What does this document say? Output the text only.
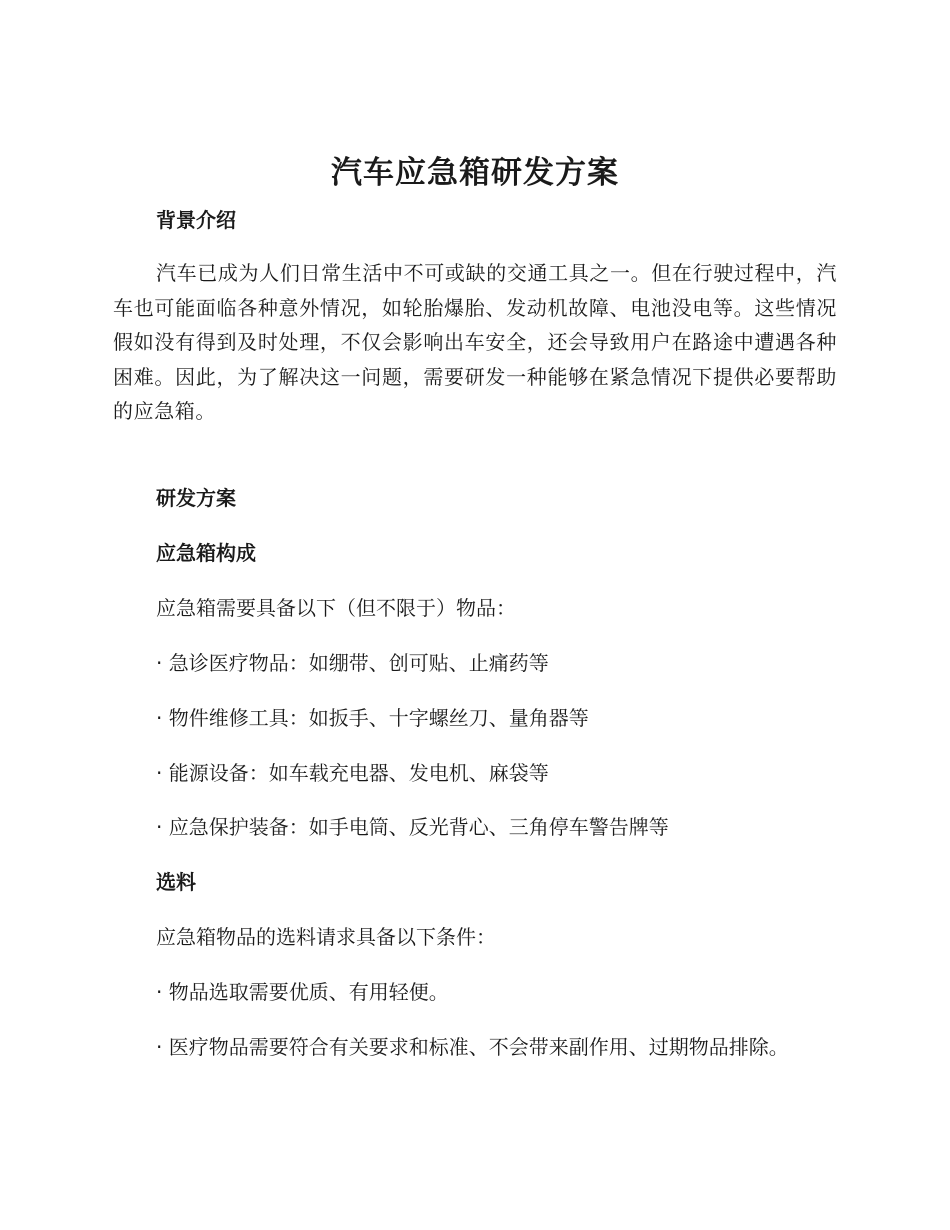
汽车应急箱研发方案
背景介绍
汽车已成为人们日常生活中不可或缺的交通工具之一。但在行驶过程中，汽车也可能面临各种意外情况，如轮胎爆胎、发动机故障、电池没电等。这些情况假如没有得到及时处理，不仅会影响出车安全，还会导致用户在路途中遭遇各种困难。因此，为了解决这一问题，需要研发一种能够在紧急情况下提供必要帮助的应急箱。
研发方案
应急箱构成
应急箱需要具备以下（但不限于）物品：
· 急诊医疗物品：如绷带、创可贴、止痛药等
· 物件维修工具：如扳手、十字螺丝刀、量角器等
· 能源设备：如车载充电器、发电机、麻袋等
· 应急保护装备：如手电筒、反光背心、三角停车警告牌等
选料
应急箱物品的选料请求具备以下条件：
· 物品选取需要优质、有用轻便。
· 医疗物品需要符合有关要求和标准、不会带来副作用、过期物品排除。
